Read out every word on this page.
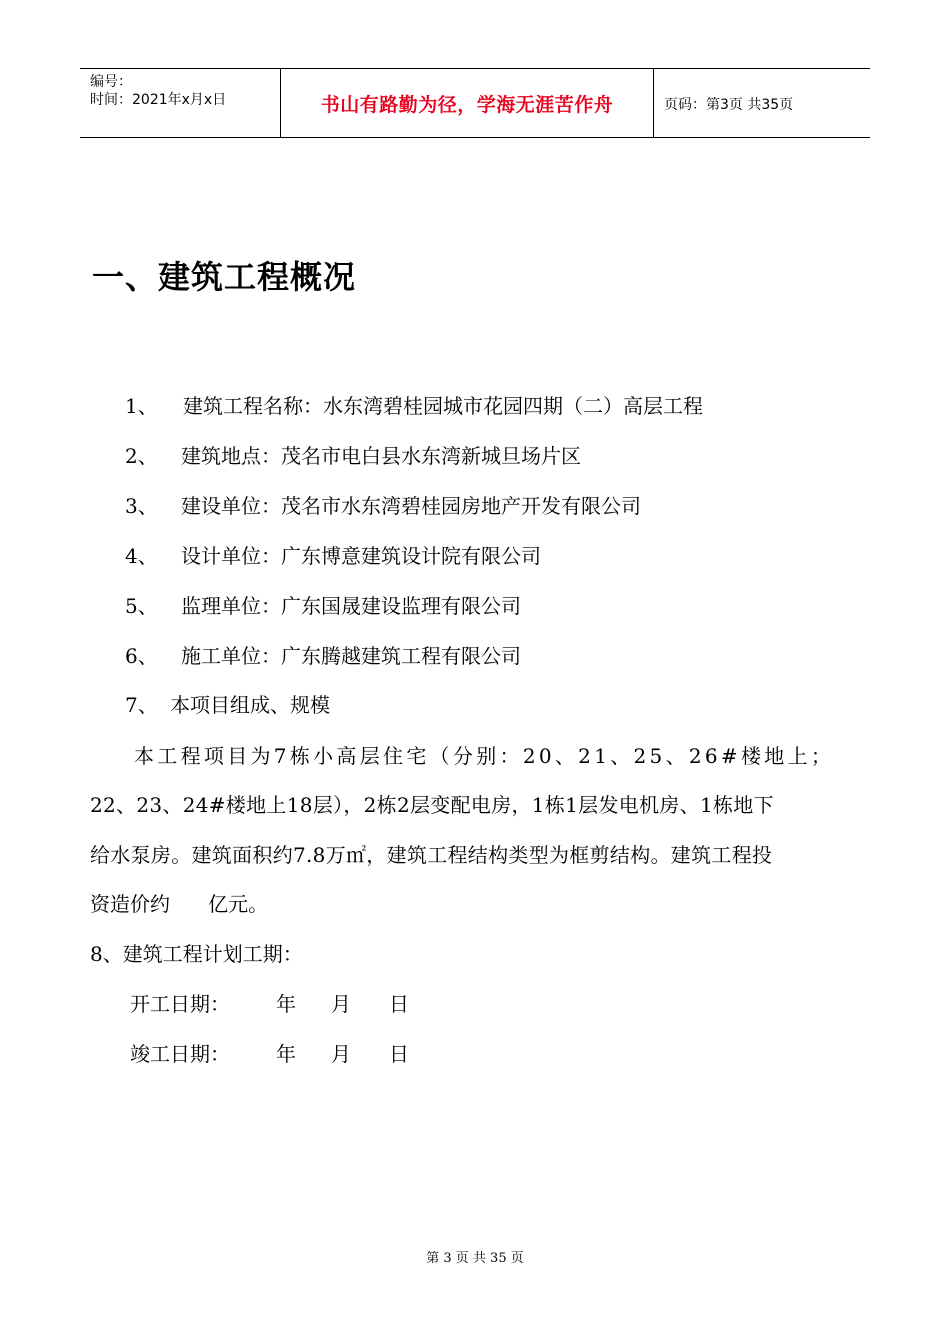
编号：
时间：2021年x月x日	书山有路勤为径，学海无涯苦作舟	页码：第3页 共35页
一、建筑工程概况
1、 建筑工程名称：水东湾碧桂园城市花园四期（二）高层工程
2、 建筑地点：茂名市电白县水东湾新城旦场片区
3、 建设单位：茂名市水东湾碧桂园房地产开发有限公司
4、 设计单位：广东博意建筑设计院有限公司
5、 监理单位：广东国晟建设监理有限公司
6、 施工单位：广东腾越建筑工程有限公司
7、 本项目组成、规模
本工程项目为7栋小高层住宅（分别：20、21、25、26#楼地上；
22、23、24#楼地上18层），2栋2层变配电房，1栋1层发电机房、1栋地下
给水泵房。建筑面积约7.8万㎡，建筑工程结构类型为框剪结构。建筑工程投
资造价约      亿元。
8、建筑工程计划工期：
开工日期： 年 月 日
竣工日期： 年 月 日
第 3 页 共 35 页
